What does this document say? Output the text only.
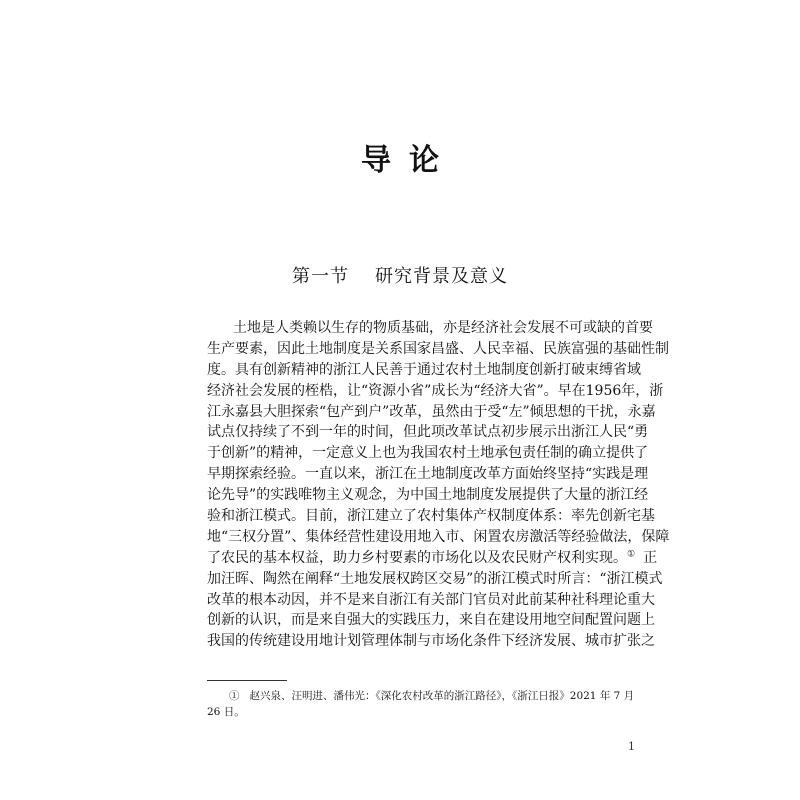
导论
第一节 研究背景及意义
土地是人类赖以生存的物质基础，亦是经济社会发展不可或缺的首要
生产要素，因此土地制度是关系国家昌盛、人民幸福、民族富强的基础性制
度。具有创新精神的浙江人民善于通过农村土地制度创新打破束缚省域
经济社会发展的桎梏，让“资源小省”成长为“经济大省”。早在1956年，浙
江永嘉县大胆探索“包产到户”改革，虽然由于受“左”倾思想的干扰，永嘉
试点仅持续了不到一年的时间，但此项改革试点初步展示出浙江人民“勇
于创新”的精神，一定意义上也为我国农村土地承包责任制的确立提供了
早期探索经验。一直以来，浙江在土地制度改革方面始终坚持“实践是理
论先导”的实践唯物主义观念，为中国土地制度发展提供了大量的浙江经
验和浙江模式。目前，浙江建立了农村集体产权制度体系：率先创新宅基
地“三权分置”、集体经营性建设用地入市、闲置农房激活等经验做法，保障
了农民的基本权益，助力乡村要素的市场化以及农民财产权利实现。① 正
加汪晖、陶然在阐释“土地发展权跨区交易”的浙江模式时所言：“浙江模式
改革的根本动因，并不是来自浙江有关部门官员对此前某种社科理论重大
创新的认识，而是来自强大的实践压力，来自在建设用地空间配置问题上
我国的传统建设用地计划管理体制与市场化条件下经济发展、城市扩张之
① 赵兴泉、汪明进、潘伟光：《深化农村改革的浙江路径》，《浙江日报》2021 年 7 月
26 日。
1
